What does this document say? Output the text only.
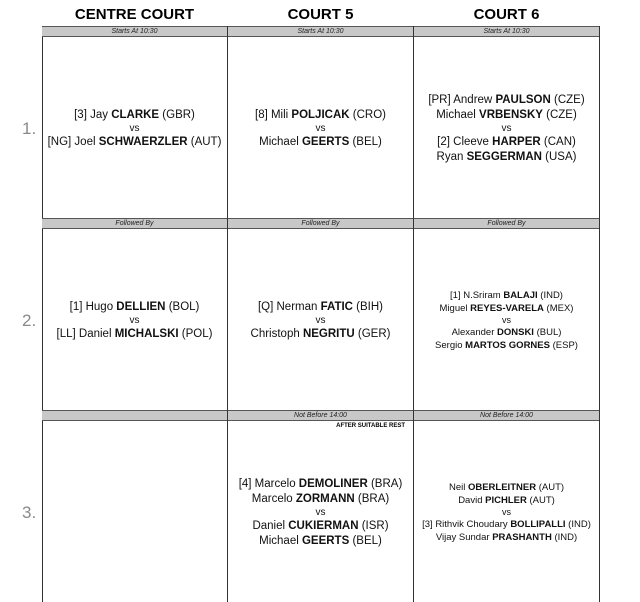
CENTRE COURT	COURT 5	COURT 6
1.
Starts At 10:30
[3] Jay CLARKE (GBR)
vs
[NG] Joel SCHWAERZLER (AUT)
Starts At 10:30
[8] Mili POLJICAK (CRO)
vs
Michael GEERTS (BEL)
Starts At 10:30
[PR] Andrew PAULSON (CZE)
Michael VRBENSKY (CZE)
vs
[2] Cleeve HARPER (CAN)
Ryan SEGGERMAN (USA)
2.
Followed By
[1] Hugo DELLIEN (BOL)
vs
[LL] Daniel MICHALSKI (POL)
Followed By
[Q] Nerman FATIC (BIH)
vs
Christoph NEGRITU (GER)
Followed By
[1] N.Sriram BALAJI (IND)
Miguel REYES-VARELA (MEX)
vs
Alexander DONSKI (BUL)
Sergio MARTOS GORNES (ESP)
3.
Not Before 14:00
AFTER SUITABLE REST
[4] Marcelo DEMOLINER (BRA)
Marcelo ZORMANN (BRA)
vs
Daniel CUKIERMAN (ISR)
Michael GEERTS (BEL)
Not Before 14:00
Neil OBERLEITNER (AUT)
David PICHLER (AUT)
vs
[3] Rithvik Choudary BOLLIPALLI (IND)
Vijay Sundar PRASHANTH (IND)
